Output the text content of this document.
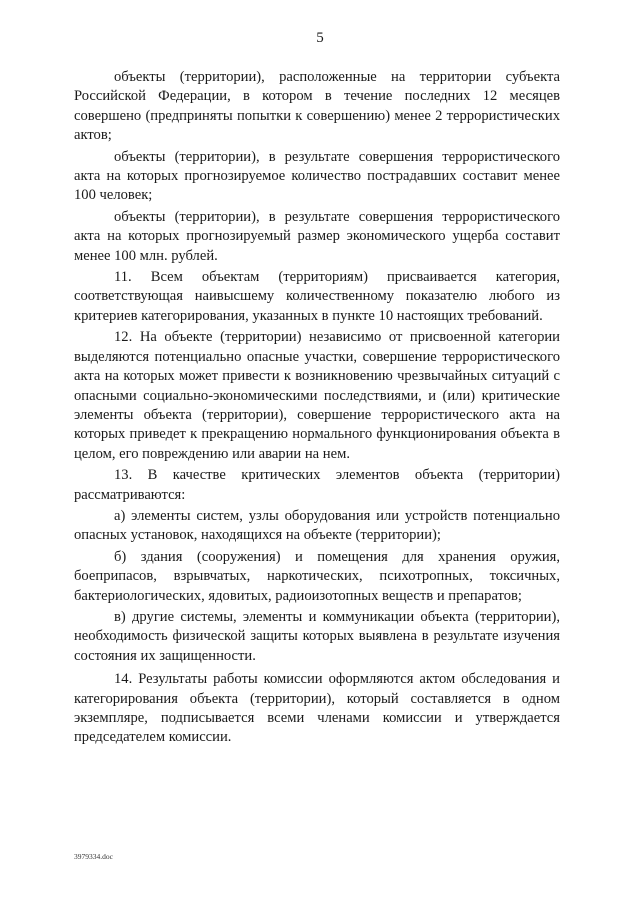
5

объекты (территории), расположенные на территории субъекта Российской Федерации, в котором в течение последних 12 месяцев совершено (предприняты попытки к совершению) менее 2 террористических актов;

объекты (территории), в результате совершения террористического акта на которых прогнозируемое количество пострадавших составит менее 100 человек;

объекты (территории), в результате совершения террористического акта на которых прогнозируемый размер экономического ущерба составит менее 100 млн. рублей.

11. Всем объектам (территориям) присваивается категория, соответствующая наивысшему количественному показателю любого из критериев категорирования, указанных в пункте 10 настоящих требований.

12. На объекте (территории) независимо от присвоенной категории выделяются потенциально опасные участки, совершение террористического акта на которых может привести к возникновению чрезвычайных ситуаций с опасными социально-экономическими последствиями, и (или) критические элементы объекта (территории), совершение террористического акта на которых приведет к прекращению нормального функционирования объекта в целом, его повреждению или аварии на нем.

13. В качестве критических элементов объекта (территории) рассматриваются:

а) элементы систем, узлы оборудования или устройств потенциально опасных установок, находящихся на объекте (территории);

б) здания (сооружения) и помещения для хранения оружия, боеприпасов, взрывчатых, наркотических, психотропных, токсичных, бактериологических, ядовитых, радиоизотопных веществ и препаратов;

в) другие системы, элементы и коммуникации объекта (территории), необходимость физической защиты которых выявлена в результате изучения состояния их защищенности.

14. Результаты работы комиссии оформляются актом обследования и категорирования объекта (территории), который составляется в одном экземпляре, подписывается всеми членами комиссии и утверждается председателем комиссии.

3979334.doc
